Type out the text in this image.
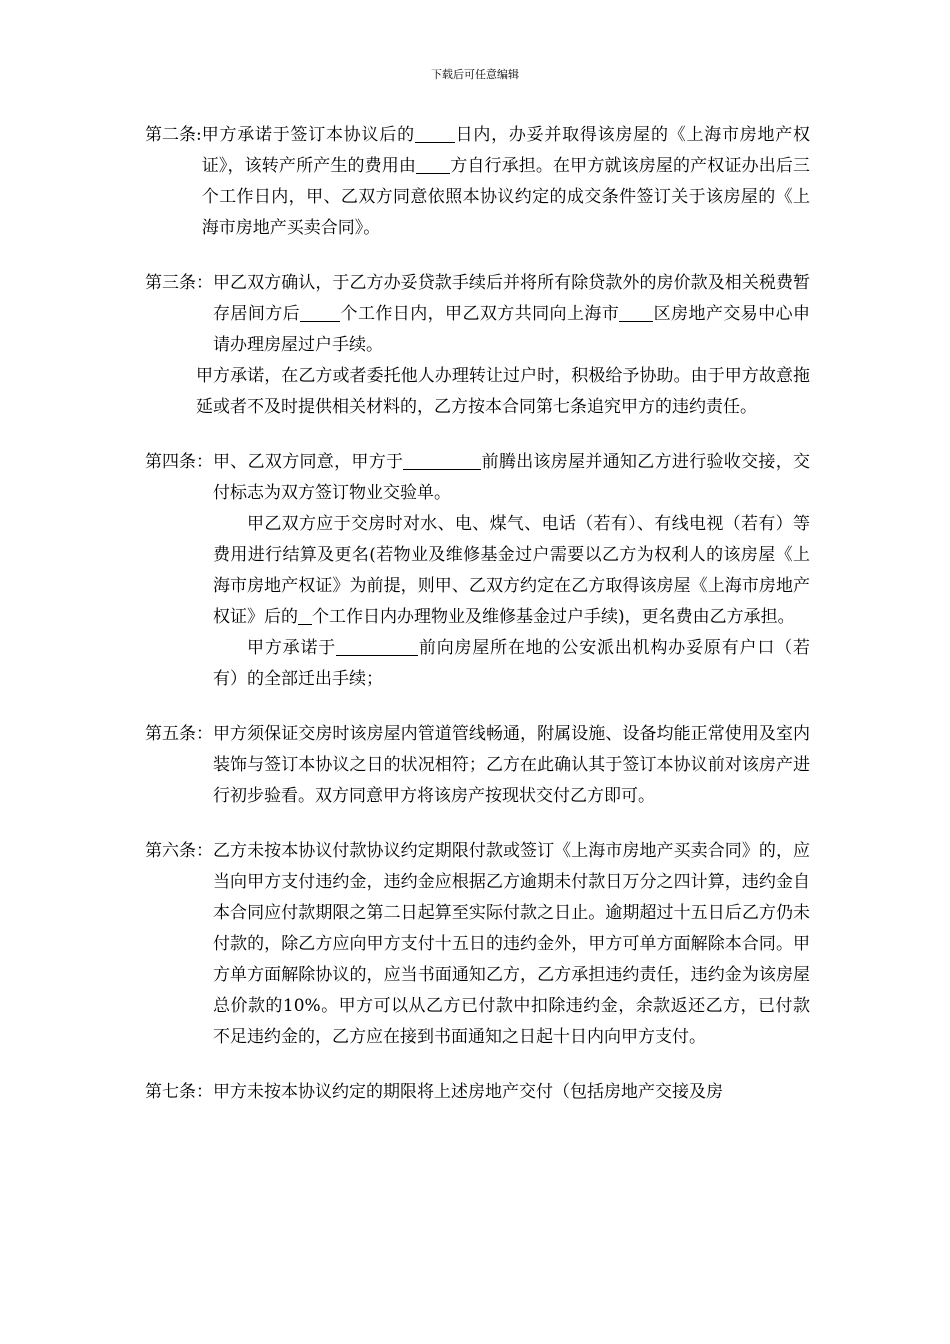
下载后可任意编辑
第二条: 甲方承诺于签订本协议后的 日内，办妥并取得该房屋的《上海市房地产权证》，该转产所产生的费用由 方自行承担。在甲方就该房屋的产权证办出后三个工作日内，甲、乙双方同意依照本协议约定的成交条件签订关于该房屋的《上海市房地产买卖合同》。

第三条： 甲乙双方确认，于乙方办妥贷款手续后并将所有除贷款外的房价款及相关税费暂存居间方后 个工作日内，甲乙双方共同向上海市 区房地产交易中心申请办理房屋过户手续。

甲方承诺，在乙方或者委托他人办理转让过户时，积极给予协助。由于甲方故意拖延或者不及时提供相关材料的，乙方按本合同第七条追究甲方的违约责任。

第四条： 甲、乙双方同意，甲方于	前腾出该房屋并通知乙方进行验收交接，交付标志为双方签订物业交验单。

甲乙双方应于交房时对水、电、煤气、电话（若有）、有线电视（若有）等费用进行结算及更名(若物业及维修基金过户需要以乙方为权利人的该房屋《上海市房地产权证》为前提，则甲、乙双方约定在乙方取得该房屋《上海市房地产权证》后的 个工作日内办理物业及维修基金过户手续)，更名费由乙方承担。

甲方承诺于	前向房屋所在地的公安派出机构办妥原有户口（若有）的全部迁出手续；

第五条： 甲方须保证交房时该房屋内管道管线畅通，附属设施、设备均能正常使用及室内装饰与签订本协议之日的状况相符；乙方在此确认其于签订本协议前对该房产进行初步验看。双方同意甲方将该房产按现状交付乙方即可。

第六条： 乙方未按本协议付款协议约定期限付款或签订《上海市房地产买卖合同》的，应当向甲方支付违约金，违约金应根据乙方逾期未付款日万分之四计算，违约金自本合同应付款期限之第二日起算至实际付款之日止。逾期超过十五日后乙方仍未付款的，除乙方应向甲方支付十五日的违约金外，甲方可单方面解除本合同。甲方单方面解除协议的，应当书面通知乙方，乙方承担违约责任，违约金为该房屋总价款的10%。甲方可以从乙方已付款中扣除违约金，余款返还乙方，已付款不足违约金的，乙方应在接到书面通知之日起十日内向甲方支付。

第七条： 甲方未按本协议约定的期限将上述房地产交付（包括房地产交接及房
